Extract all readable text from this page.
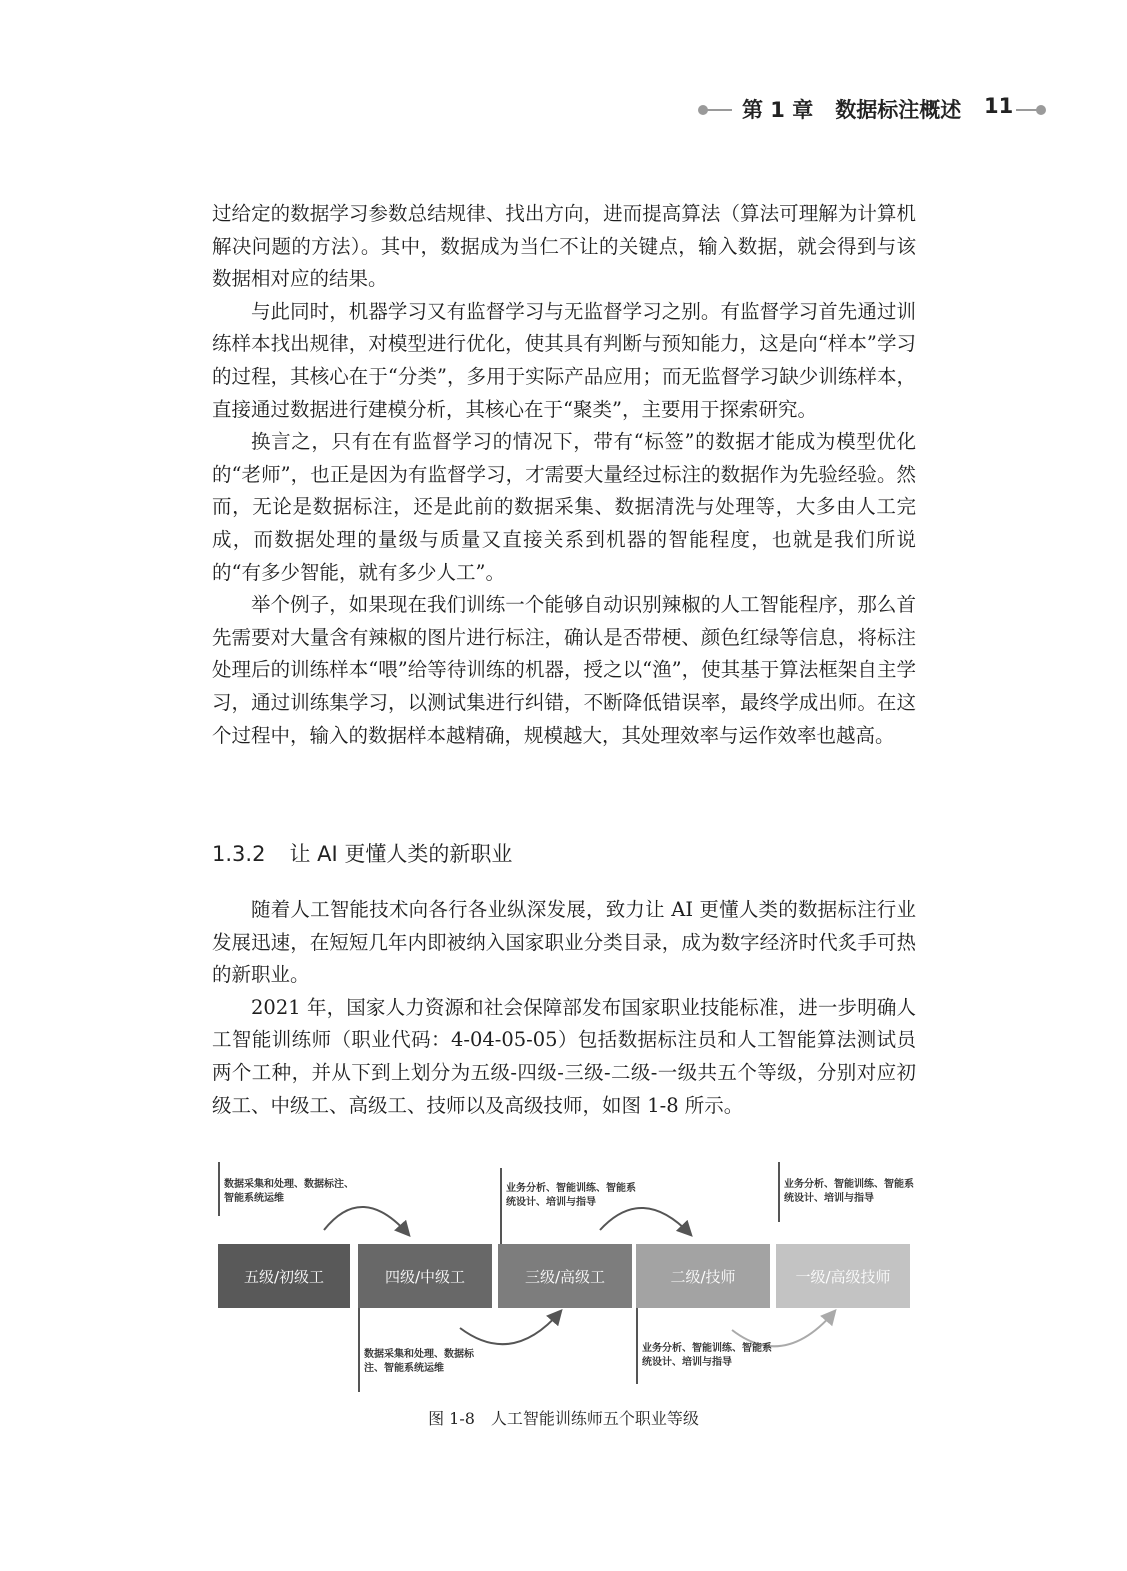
第 1 章 数据标注概述 11

过给定的数据学习参数总结规律、找出方向，进而提高算法（算法可理解为计算机解决问题的方法）。其中，数据成为当仁不让的关键点，输入数据，就会得到与该数据相对应的结果。

与此同时，机器学习又有监督学习与无监督学习之别。有监督学习首先通过训练样本找出规律，对模型进行优化，使其具有判断与预知能力，这是向“样本”学习的过程，其核心在于“分类”，多用于实际产品应用；而无监督学习缺少训练样本，直接通过数据进行建模分析，其核心在于“聚类”，主要用于探索研究。

换言之，只有在有监督学习的情况下，带有“标签”的数据才能成为模型优化的“老师”，也正是因为有监督学习，才需要大量经过标注的数据作为先验经验。然而，无论是数据标注，还是此前的数据采集、数据清洗与处理等，大多由人工完成，而数据处理的量级与质量又直接关系到机器的智能程度，也就是我们所说的“有多少智能，就有多少人工”。

举个例子，如果现在我们训练一个能够自动识别辣椒的人工智能程序，那么首先需要对大量含有辣椒的图片进行标注，确认是否带梗、颜色红绿等信息，将标注处理后的训练样本“喂”给等待训练的机器，授之以“渔”，使其基于算法框架自主学习，通过训练集学习，以测试集进行纠错，不断降低错误率，最终学成出师。在这个过程中，输入的数据样本越精确，规模越大，其处理效率与运作效率也越高。

1.3.2 让 AI 更懂人类的新职业

随着人工智能技术向各行各业纵深发展，致力让 AI 更懂人类的数据标注行业发展迅速，在短短几年内即被纳入国家职业分类目录，成为数字经济时代炙手可热的新职业。

2021 年，国家人力资源和社会保障部发布国家职业技能标准，进一步明确人工智能训练师（职业代码：4-04-05-05）包括数据标注员和人工智能算法测试员两个工种，并从下到上划分为五级-四级-三级-二级-一级共五个等级，分别对应初级工、中级工、高级工、技师以及高级技师，如图 1-8 所示。

数据采集和处理、数据标注、智能系统运维
业务分析、智能训练、智能系统设计、培训与指导
业务分析、智能训练、智能系统设计、培训与指导
五级/初级工	四级/中级工	三级/高级工	二级/技师	一级/高级技师
数据采集和处理、数据标注、智能系统运维
业务分析、智能训练、智能系统设计、培训与指导
图 1-8　人工智能训练师五个职业等级
